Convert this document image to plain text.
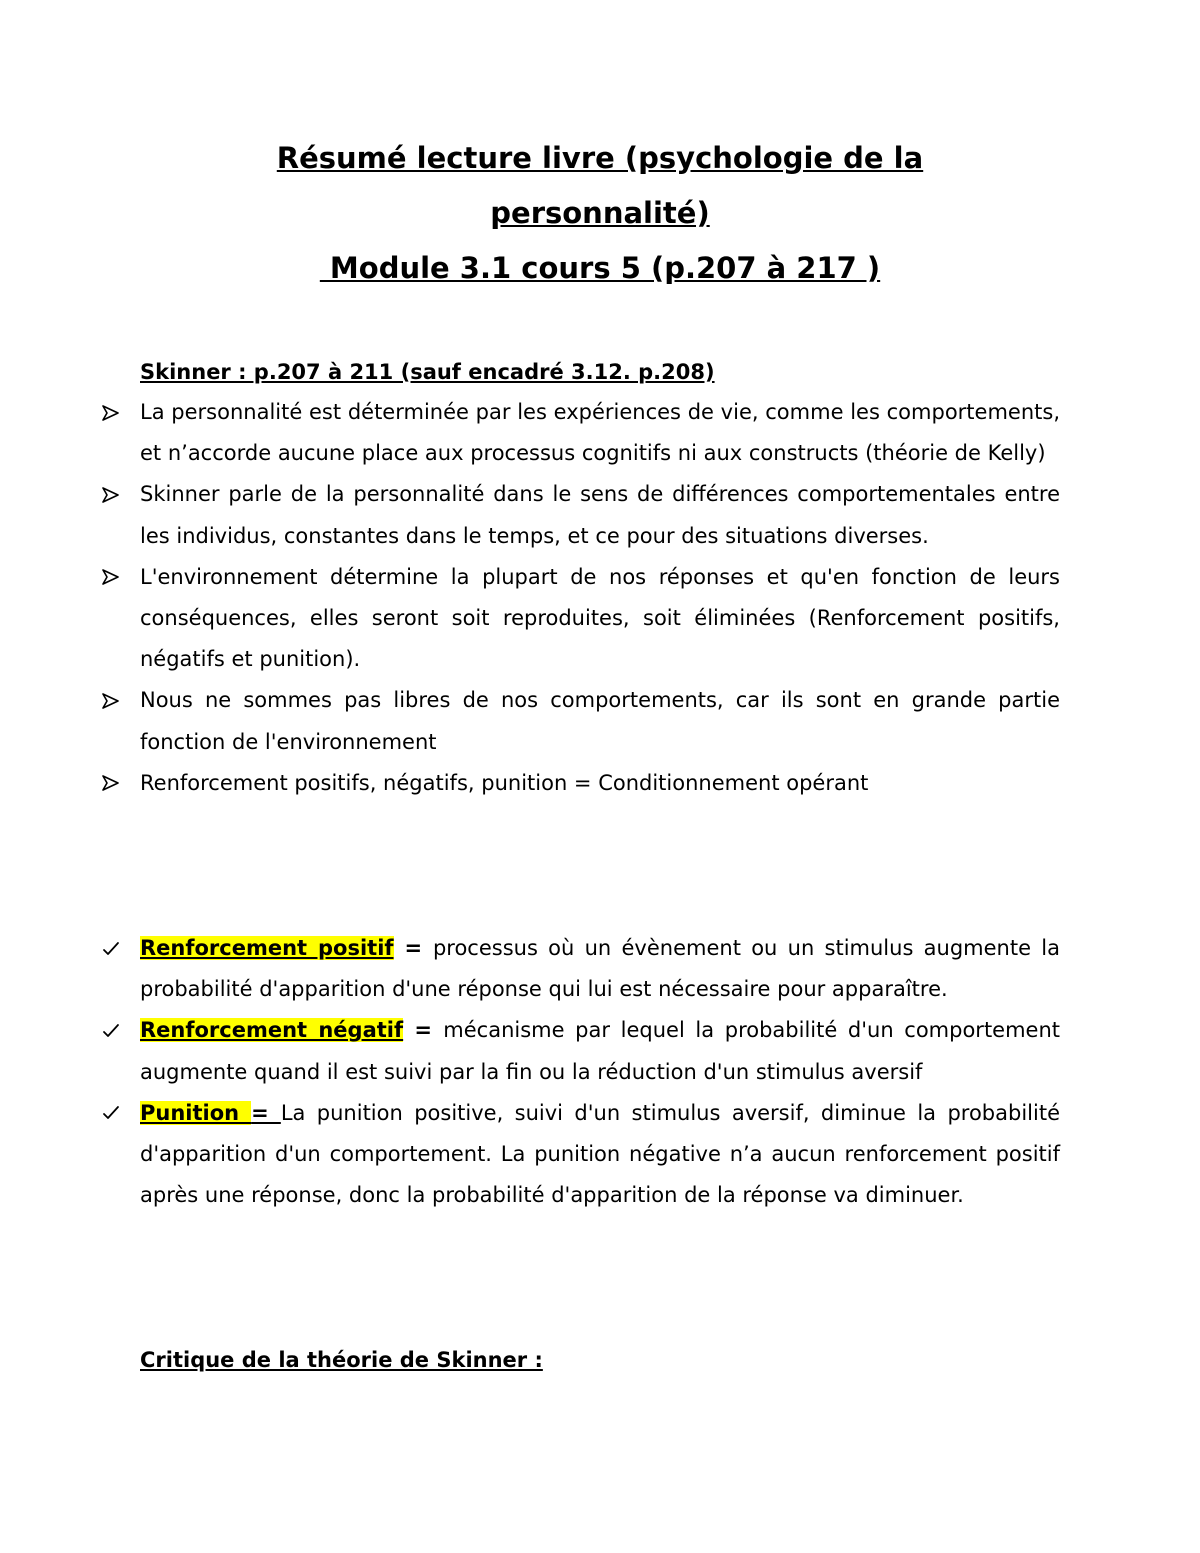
Résumé lecture livre (psychologie de la
personnalité)
Module 3.1 cours 5 (p.207 à 217 )
Skinner : p.207 à 211 (sauf encadré 3.12. p.208)
La personnalité est déterminée par les expériences de vie, comme les comportements, et n’accorde aucune place aux processus cognitifs ni aux constructs (théorie de Kelly)
Skinner parle de la personnalité dans le sens de différences comportementales entre les individus, constantes dans le temps, et ce pour des situations diverses.
L'environnement détermine la plupart de nos réponses et qu'en fonction de leurs conséquences, elles seront soit reproduites, soit éliminées (Renforcement positifs, négatifs et punition).
Nous ne sommes pas libres de nos comportements, car ils sont en grande partie fonction de l'environnement
Renforcement positifs, négatifs, punition = Conditionnement opérant
Renforcement positif = processus où un évènement ou un stimulus augmente la probabilité d'apparition d'une réponse qui lui est nécessaire pour apparaître.
Renforcement négatif = mécanisme par lequel la probabilité d'un comportement augmente quand il est suivi par la fin ou la réduction d'un stimulus aversif
Punition = La punition positive, suivi d'un stimulus aversif, diminue la probabilité d'apparition d'un comportement. La punition négative n’a aucun renforcement positif après une réponse, donc la probabilité d'apparition de la réponse va diminuer.
Critique de la théorie de Skinner :
